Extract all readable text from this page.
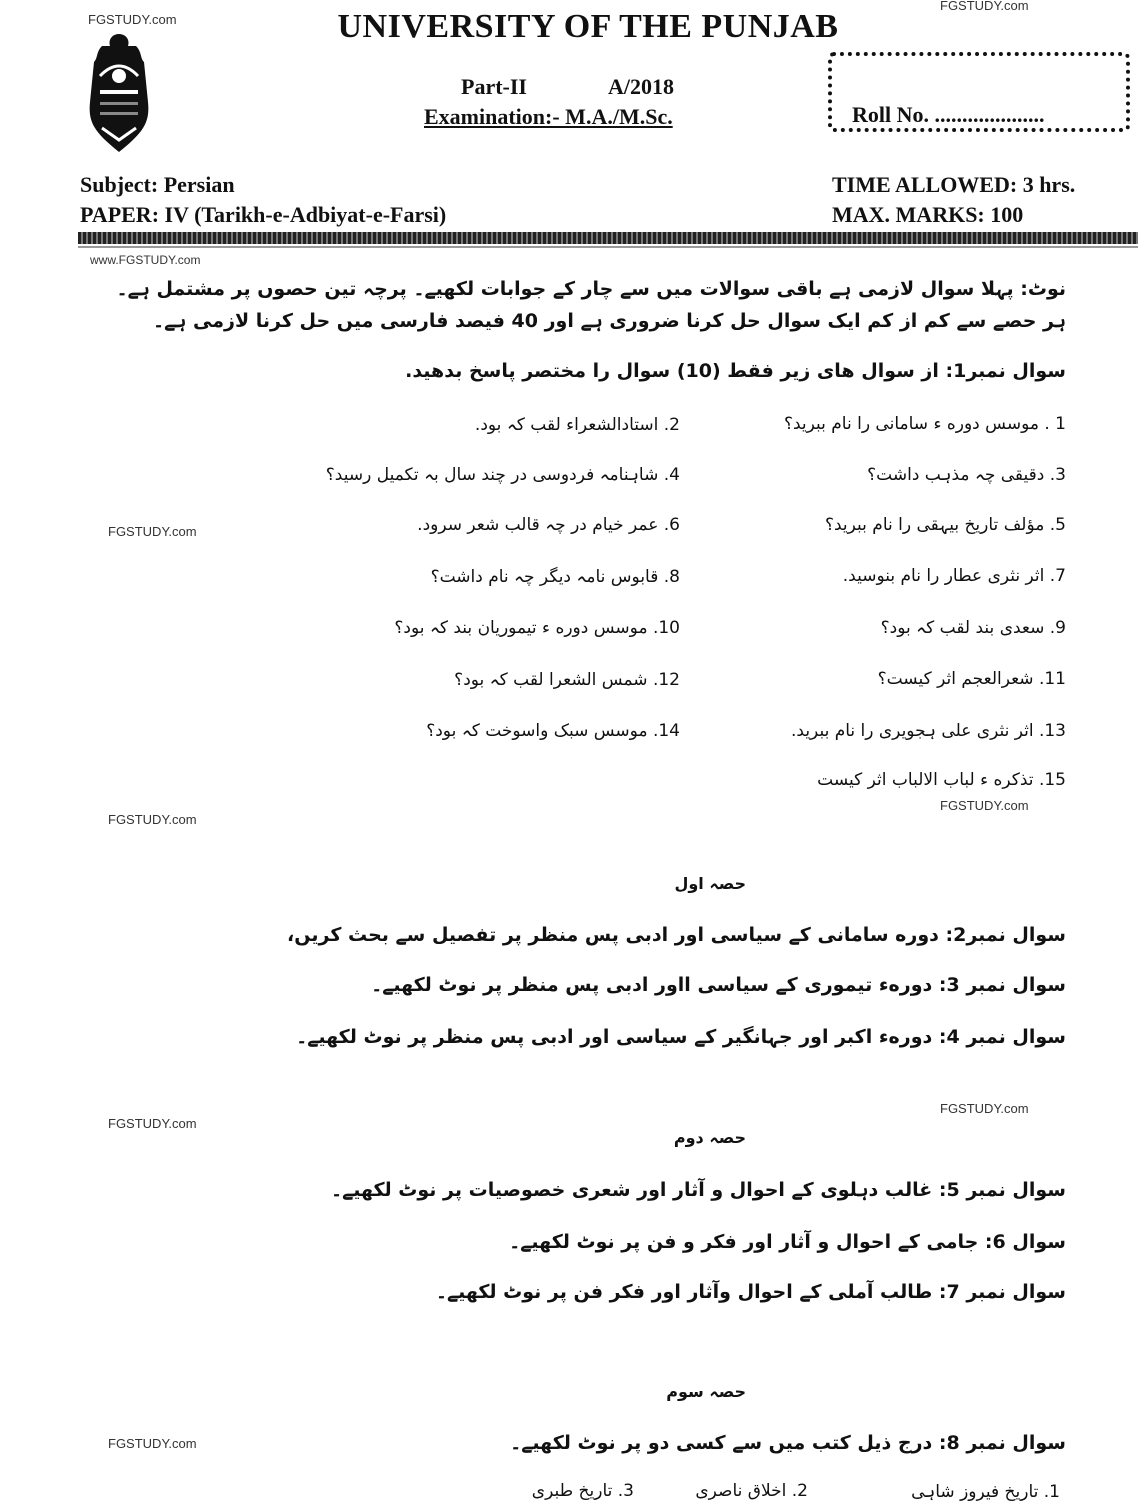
FGSTUDY.com
FGSTUDY.com
www.FGSTUDY.com
FGSTUDY.com
FGSTUDY.com
FGSTUDY.com
FGSTUDY.com
FGSTUDY.com
FGSTUDY.com
UNIVERSITY OF THE PUNJAB
Part-II	A/2018
Examination:- M.A./M.Sc.	Roll No. ....................
Subject: Persian
PAPER: IV (Tarikh-e-Adbiyat-e-Farsi)
TIME ALLOWED: 3 hrs.
MAX. MARKS: 100
نوٹ: پہلا سوال لازمی ہے باقی سوالات میں سے چار کے جوابات لکھیے۔ پرچہ تین حصوں پر مشتمل ہے۔
ہر حصے سے کم از کم ایک سوال حل کرنا ضروری ہے اور 40 فیصد فارسی میں حل کرنا لازمی ہے۔
سوال نمبر1: از سوال های زیر فقط (10) سوال را مختصر پاسخ بدهید.
1 . موسس دوره ء سامانی را نام ببرید؟
2. استادالشعراء لقب کہ بود.
3. دقیقی چہ مذہب داشت؟
4. شاہنامہ فردوسی در چند سال بہ تکمیل رسید؟
5. مؤلف تاریخ بیہقی را نام ببرید؟
6. عمر خیام در چہ قالب شعر سرود.
7. اثر نثری عطار را نام بنوسید.
8. قابوس نامہ دیگر چہ نام داشت؟
9. سعدی بند لقب کہ بود؟
10. موسس دوره ء تیموریان بند کہ بود؟
11. شعرالعجم اثر کیست؟
12. شمس الشعرا لقب کہ بود؟
13. اثر نثری علی ہجویری را نام ببرید.
14. موسس سبک واسوخت کہ بود؟
15. تذکره ء لباب الالباب اثر کیست
حصہ اول
سوال نمبر2: دوره سامانی کے سیاسی اور ادبی پس منظر پر تفصیل سے بحث کریں،
سوال نمبر 3: دورهء تیموری کے سیاسی ااور ادبی پس منظر پر نوٹ لکھیے۔
سوال نمبر 4: دورهء اکبر اور جہانگیر کے سیاسی اور ادبی پس منظر پر نوٹ لکھیے۔
حصہ دوم
سوال نمبر 5: غالب دہلوی کے احوال و آثار اور شعری خصوصیات پر نوٹ لکھیے۔
سوال 6: جامی کے احوال و آثار اور فکر و فن پر نوٹ لکھیے۔
سوال نمبر 7: طالب آملی کے احوال وآثار اور فکر فن پر نوٹ لکھیے۔
حصہ سوم
سوال نمبر 8: درج ذیل کتب میں سے کسی دو پر نوٹ لکھیے۔
1. تاریخ فیروز شاہی
2. اخلاق ناصری
3. تاریخ طبری
